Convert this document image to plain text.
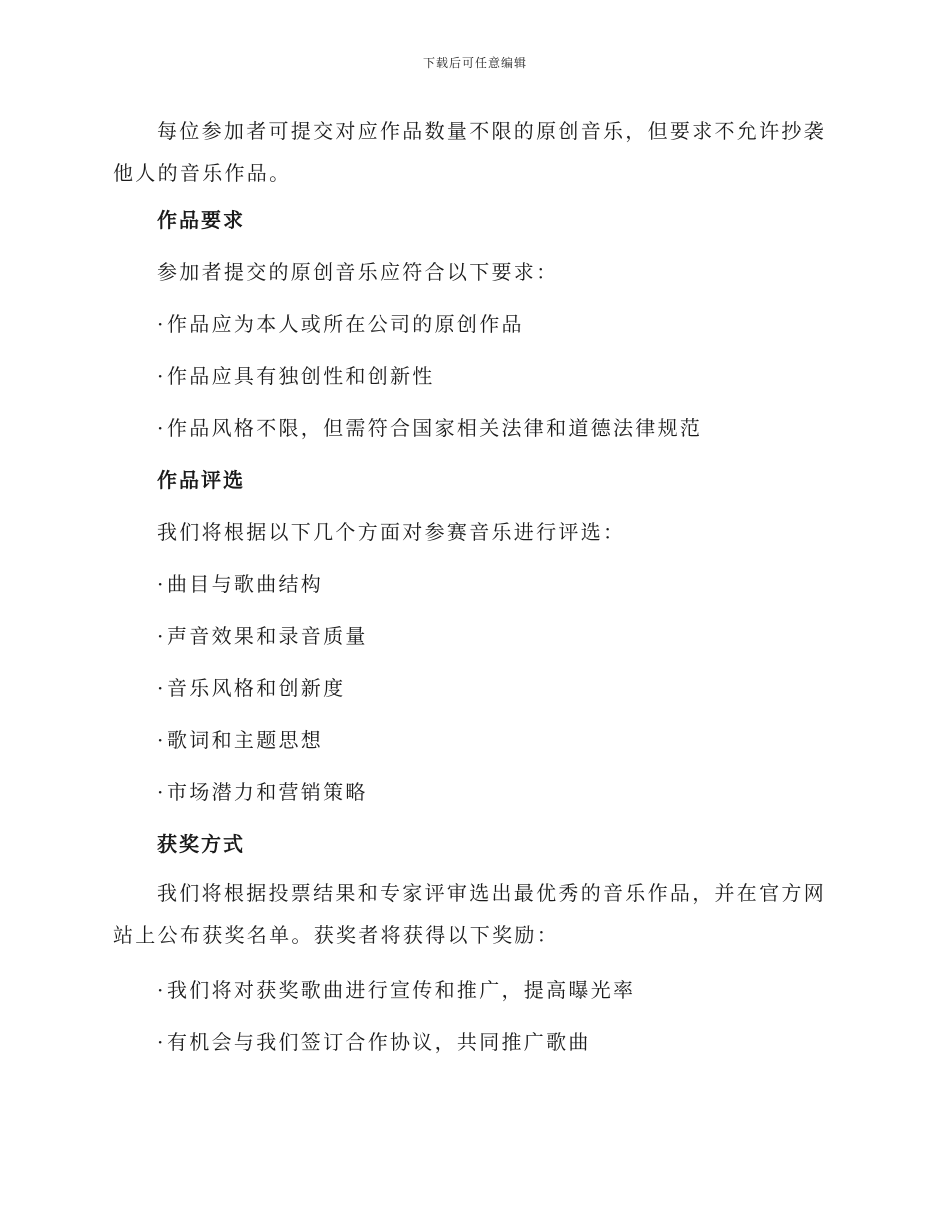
下载后可任意编辑

每位参加者可提交对应作品数量不限的原创音乐，但要求不允许抄袭他人的音乐作品。

作品要求
参加者提交的原创音乐应符合以下要求：
· 作品应为本人或所在公司的原创作品
· 作品应具有独创性和创新性
· 作品风格不限，但需符合国家相关法律和道德法律规范
作品评选
我们将根据以下几个方面对参赛音乐进行评选：
· 曲目与歌曲结构
· 声音效果和录音质量
· 音乐风格和创新度
· 歌词和主题思想
· 市场潜力和营销策略
获奖方式

我们将根据投票结果和专家评审选出最优秀的音乐作品，并在官方网站上公布获奖名单。获奖者将获得以下奖励：

· 我们将对获奖歌曲进行宣传和推广，提高曝光率
· 有机会与我们签订合作协议，共同推广歌曲
